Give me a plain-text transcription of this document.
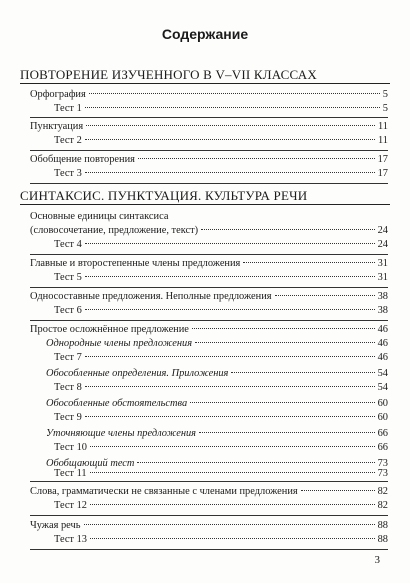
Содержание
ПОВТОРЕНИЕ ИЗУЧЕННОГО В V–VII КЛАССАХ
Орфография	5
Тест 1	5
Пунктуация	11
Тест 2	11
Обобщение повторения	17
Тест 3	17
СИНТАКСИС. ПУНКТУАЦИЯ. КУЛЬТУРА РЕЧИ
Основные единицы синтаксиса
(словосочетание, предложение, текст)	24
Тест 4	24
Главные и второстепенные члены предложения	31
Тест 5	31
Односоставные предложения. Неполные предложения	38
Тест 6	38
Простое осложнённое предложение	46
Однородные члены предложения	46
Тест 7	46
Обособленные определения. Приложения	54
Тест 8	54
Обособленные обстоятельства	60
Тест 9	60
Уточняющие члены предложения	66
Тест 10	66
Обобщающий тест	73
Тест 11	73
Слова, грамматически не связанные с членами предложения	82
Тест 12	82
Чужая речь	88
Тест 13	88
3
